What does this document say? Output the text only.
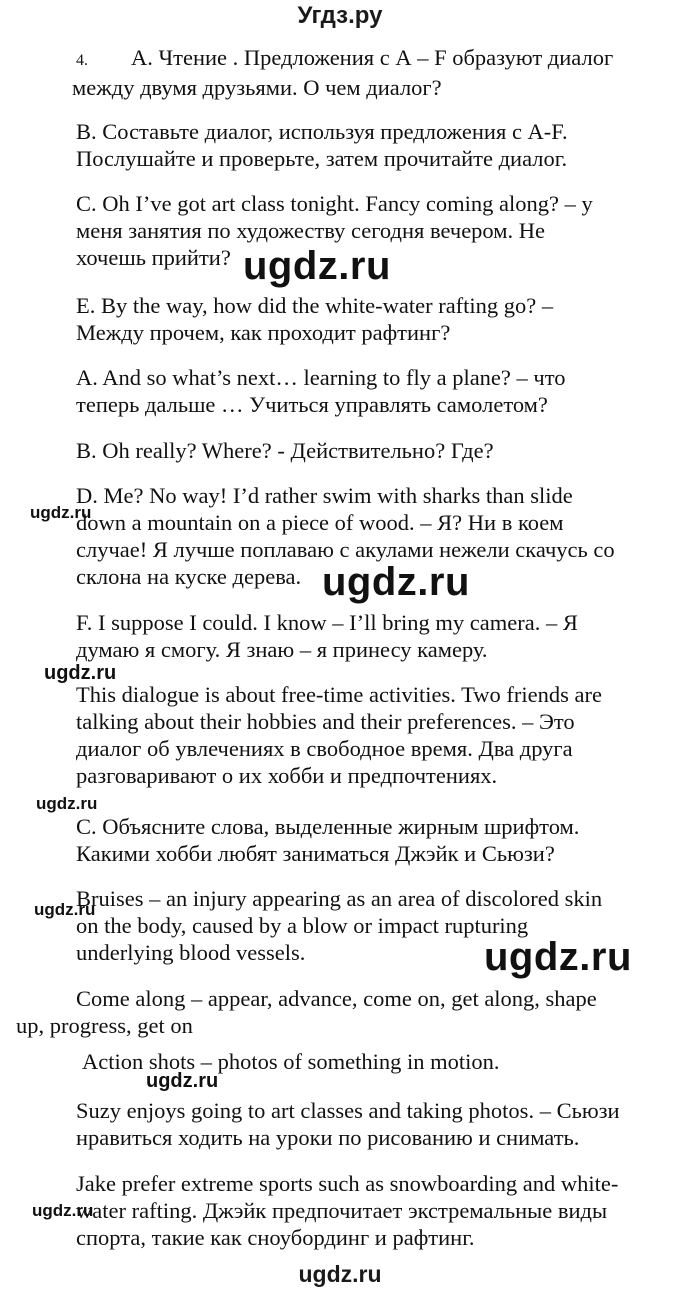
Угдз.ру
4. А. Чтение . Предложения с А – F образуют диалог
между двумя друзьями. О чем диалог?
B. Составьте диалог, используя предложения с A-F.
Послушайте и проверьте, затем прочитайте диалог.
C. Oh I’ve got art class tonight. Fancy coming along? – у
меня занятия по художеству сегодня вечером. Не
хочешь прийти?
E. By the way, how did the white-water rafting go? –
Между прочем, как проходит рафтинг?
A. And so what’s next… learning to fly a plane? – что
теперь дальше … Учиться управлять самолетом?
B. Oh really? Where? - Действительно? Где?
D. Me? No way! I’d rather swim with sharks than slide
down a mountain on a piece of wood. – Я? Ни в коем
случае! Я лучше поплаваю с акулами нежели скачусь со
склона на куске дерева.
F. I suppose I could. I know – I’ll bring my camera. – Я
думаю я смогу. Я знаю – я принесу камеру.
This dialogue is about free-time activities. Two friends are
talking about their hobbies and their preferences. – Это
диалог об увлечениях в свободное время. Два друга
разговаривают о их хобби и предпочтениях.
С. Объясните слова, выделенные жирным шрифтом.
Какими хобби любят заниматься Джэйк и Сьюзи?
Bruises – an injury appearing as an area of discolored skin
on the body, caused by a blow or impact rupturing
underlying blood vessels.
Come along – appear, advance, come on, get along, shape
up, progress, get on
Action shots – photos of something in motion.
Suzy enjoys going to art classes and taking photos. – Сьюзи
нравиться ходить на уроки по рисованию и снимать.
Jake prefer extreme sports such as snowboarding and white-
water rafting. Джэйк предпочитает экстремальные виды
спорта, такие как сноубординг и рафтинг.
ugdz.ru
ugdz.ru
ugdz.ru
ugdz.ru
ugdz.ru
ugdz.ru
ugdz.ru
ugdz.ru
ugdz.ru
ugdz.ru
